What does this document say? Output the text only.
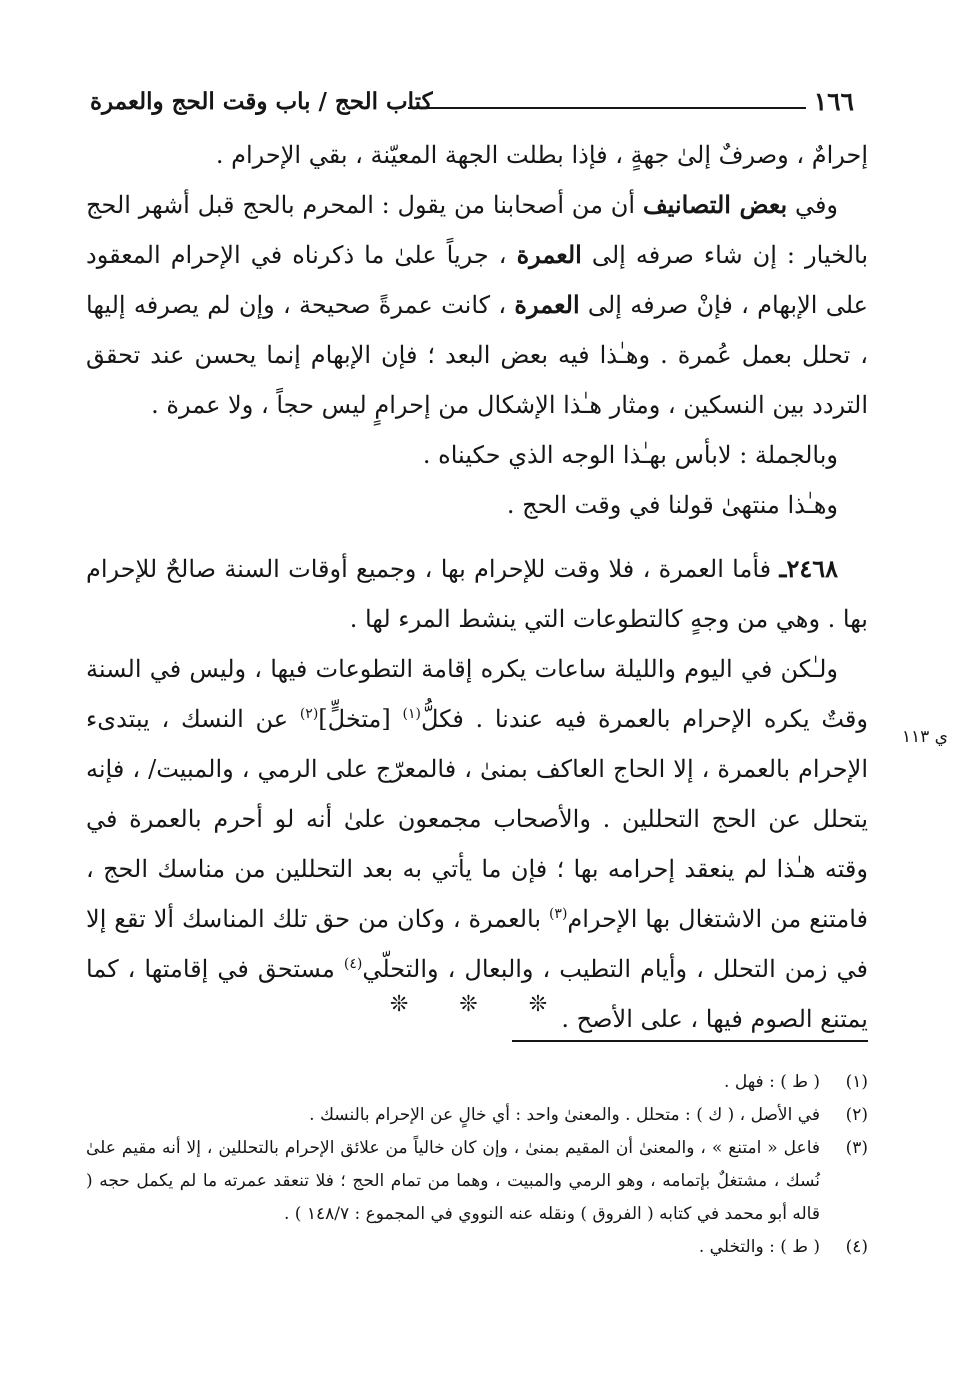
١٦٦
كتاب الحج / باب وقت الحج والعمرة

إحرامٌ ، وصرفٌ إلىٰ جهةٍ ، فإذا بطلت الجهة المعيّنة ، بقي الإحرام .

وفي بعض التصانيف أن من أصحابنا من يقول : المحرم بالحج قبل أشهر الحج بالخيار : إن شاء صرفه إلى العمرة ، جرياً علىٰ ما ذكرناه في الإحرام المعقود على الإبهام ، فإنْ صرفه إلى العمرة ، كانت عمرةً صحيحة ، وإن لم يصرفه إليها ، تحلل بعمل عُمرة . وهـٰذا فيه بعض البعد ؛ فإن الإبهام إنما يحسن عند تحقق التردد بين النسكين ، ومثار هـٰذا الإشكال من إحرامٍ ليس حجاً ، ولا عمرة .

وبالجملة : لابأس بهـٰذا الوجه الذي حكيناه .

وهـٰذا منتهىٰ قولنا في وقت الحج .

٢٤٦٨ـ فأما العمرة ، فلا وقت للإحرام بها ، وجميع أوقات السنة صالحٌ للإحرام بها . وهي من وجهٍ كالتطوعات التي ينشط المرء لها .

ولـٰكن في اليوم والليلة ساعات يكره إقامة التطوعات فيها ، وليس في السنة وقتٌ يكره الإحرام بالعمرة فيه عندنا . فكلُّ$^{(١)}$ [متخلٍّ]$^{(٢)}$ عن النسك ، يبتدىء الإحرام بالعمرة ، إلا الحاج العاكف بمنىٰ ، فالمعرّج على الرمي ، والمبيت/ ، فإنه يتحلل عن الحج التحللين . والأصحاب مجمعون علىٰ أنه لو أحرم بالعمرة في وقته هـٰذا لم ينعقد إحرامه بها ؛ فإن ما يأتي به بعد التحللين من مناسك الحج ، فامتنع من الاشتغال بها الإحرام$^{(٣)}$ بالعمرة ، وكان من حق تلك المناسك ألا تقع إلا في زمن التحلل ، وأيام التطيب ، والبعال ، والتحلّي$^{(٤)}$ مستحق في إقامتها ، كما يمتنع الصوم فيها ، على الأصح .

ي ١١٣
❊ ❊ ❊
(١)
( ط ) : فهل .
(٢)
في الأصل ، ( ك ) : متحلل . والمعنىٰ واحد : أي خالٍ عن الإحرام بالنسك .
(٣)
فاعل « امتنع » ، والمعنىٰ أن المقيم بمنىٰ ، وإن كان خالياً من علائق الإحرام بالتحللين ، إلا أنه مقيم علىٰ نُسك ، مشتغلٌ بإتمامه ، وهو الرمي والمبيت ، وهما من تمام الحج ؛ فلا تنعقد عمرته ما لم يكمل حجه ( قاله أبو محمد في كتابه ( الفروق ) ونقله عنه النووي في المجموع : ١٤٨/٧ ) .
(٤)
( ط ) : والتخلي .
